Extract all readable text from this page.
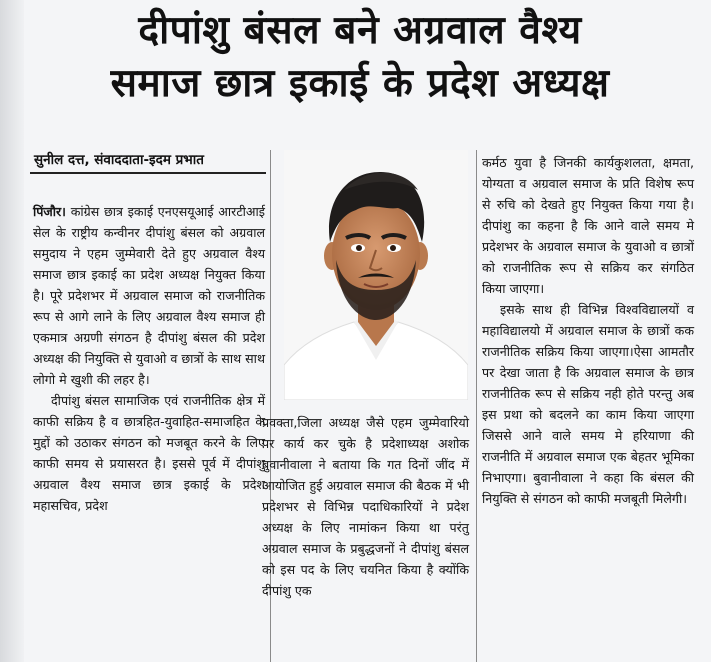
दीपांशु बंसल बने अग्रवाल वैश्य
समाज छात्र इकाई के प्रदेश अध्यक्ष
सुनील दत्त, संवाददाता-इदम प्रभात

पिंजौर। कांग्रेस छात्र इकाई एनएसयूआई आरटीआई सेल के राष्ट्रीय कन्वीनर दीपांशु बंसल को अग्रवाल समुदाय ने एहम जुम्मेवारी देते हुए अग्रवाल वैश्य समाज छात्र इकाई का प्रदेश अध्यक्ष नियुक्त किया है। पूरे प्रदेशभर में अग्रवाल समाज को राजनीतिक रूप से आगे लाने के लिए अग्रवाल वैश्य समाज ही एकमात्र अग्रणी संगठन है दीपांशु बंसल की प्रदेश अध्यक्ष की नियुक्ति से युवाओ व छात्रों के साथ साथ लोगो मे खुशी की लहर है।

दीपांशु बंसल सामाजिक एवं राजनीतिक क्षेत्र में काफी सक्रिय है व छात्रहित-युवाहित-समाजहित के मुद्दों को उठाकर संगठन को मजबूत करने के लिए काफी समय से प्रयासरत है। इससे पूर्व में दीपांशु अग्रवाल वैश्य समाज छात्र इकाई के प्रदेश महासचिव, प्रदेश

प्रवक्ता,जिला अध्यक्ष जैसे एहम जुम्मेवारियो पर कार्य कर चुके है प्रदेशाध्यक्ष अशोक बुवानीवाला ने बताया कि गत दिनों जींद में आयोजित हुई अग्रवाल समाज की बैठक में भी प्रदेशभर से विभिन्न पदाधिकारियों ने प्रदेश अध्यक्ष के लिए नामांकन किया था परंतु अग्रवाल समाज के प्रबुद्धजनों ने दीपांशु बंसल को इस पद के लिए चयनित किया है क्योंकि दीपांशु एक

कर्मठ युवा है जिनकी कार्यकुशलता, क्षमता, योग्यता व अग्रवाल समाज के प्रति विशेष रूप से रुचि को देखते हुए नियुक्त किया गया है। दीपांशु का कहना है कि आने वाले समय मे प्रदेशभर के अग्रवाल समाज के युवाओ व छात्रों को राजनीतिक रूप से सक्रिय कर संगठित किया जाएगा।

इसके साथ ही विभिन्न विश्वविद्यालयों व महाविद्यालयो में अग्रवाल समाज के छात्रों कक राजनीतिक सक्रिय किया जाएगा।ऐसा आमतौर पर देखा जाता है कि अग्रवाल समाज के छात्र राजनीतिक रूप से सक्रिय नही होते परन्तु अब इस प्रथा को बदलने का काम किया जाएगा जिससे आने वाले समय मे हरियाणा की राजनीति में अग्रवाल समाज एक बेहतर भूमिका निभाएगा। बुवानीवाला ने कहा कि बंसल की नियुक्ति से संगठन को काफी मजबूती मिलेगी।
